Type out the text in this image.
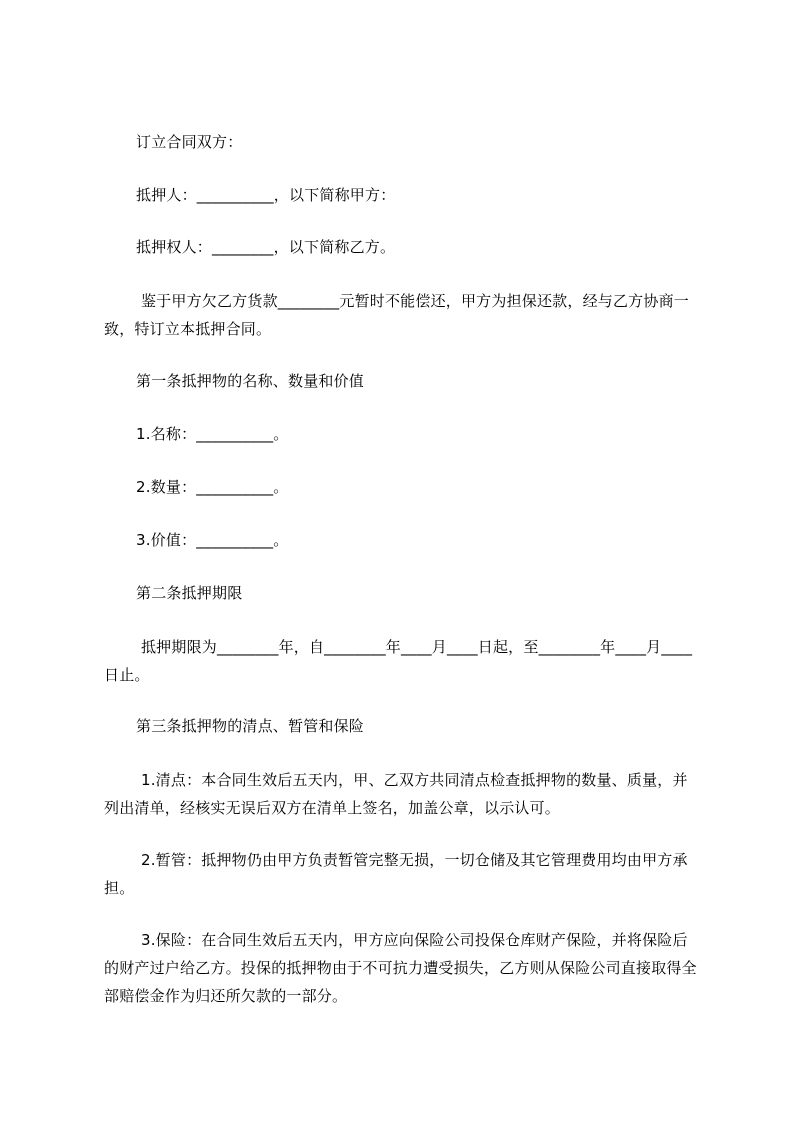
订立合同双方：
抵押人：__________，以下简称甲方：
抵押权人：________，以下简称乙方。
鉴于甲方欠乙方货款________元暂时不能偿还，甲方为担保还款，经与乙方协商一致，特订立本抵押合同。
第一条抵押物的名称、数量和价值
1.名称：__________。
2.数量：__________。
3.价值：__________。
第二条抵押期限
抵押期限为________年，自________年____月____日起，至________年____月____日止。
第三条抵押物的清点、暂管和保险
1.清点：本合同生效后五天内，甲、乙双方共同清点检查抵押物的数量、质量，并列出清单，经核实无误后双方在清单上签名，加盖公章，以示认可。
2.暂管：抵押物仍由甲方负责暂管完整无损，一切仓储及其它管理费用均由甲方承担。
3.保险：在合同生效后五天内，甲方应向保险公司投保仓库财产保险，并将保险后的财产过户给乙方。投保的抵押物由于不可抗力遭受损失，乙方则从保险公司直接取得全部赔偿金作为归还所欠款的一部分。
